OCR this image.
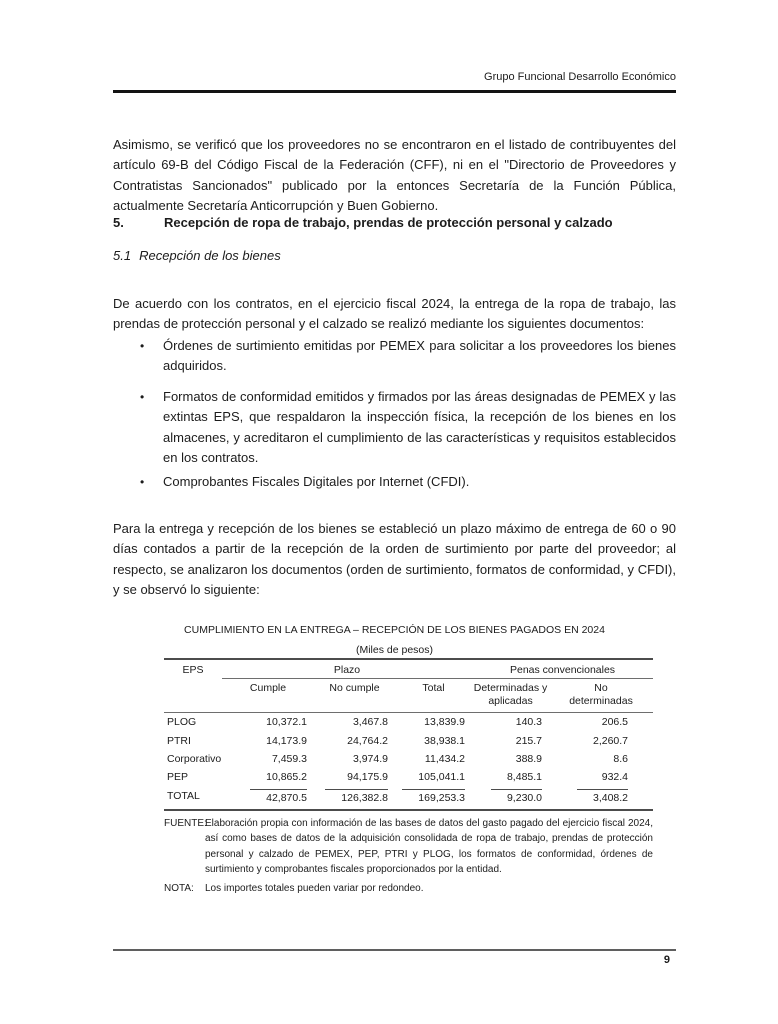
Grupo Funcional Desarrollo Económico

Asimismo, se verificó que los proveedores no se encontraron en el listado de contribuyentes del artículo 69-B del Código Fiscal de la Federación (CFF), ni en el "Directorio de Proveedores y Contratistas Sancionados" publicado por la entonces Secretaría de la Función Pública, actualmente Secretaría Anticorrupción y Buen Gobierno.

5.	Recepción de ropa de trabajo, prendas de protección personal y calzado
5.1 Recepción de los bienes

De acuerdo con los contratos, en el ejercicio fiscal 2024, la entrega de la ropa de trabajo, las prendas de protección personal y el calzado se realizó mediante los siguientes documentos:

•	Órdenes de surtimiento emitidas por PEMEX para solicitar a los proveedores los bienes adquiridos.
•	Formatos de conformidad emitidos y firmados por las áreas designadas de PEMEX y las extintas EPS, que respaldaron la inspección física, la recepción de los bienes en los almacenes, y acreditaron el cumplimiento de las características y requisitos establecidos en los contratos.
•	Comprobantes Fiscales Digitales por Internet (CFDI).

Para la entrega y recepción de los bienes se estableció un plazo máximo de entrega de 60 o 90 días contados a partir de la recepción de la orden de surtimiento por parte del proveedor; al respecto, se analizaron los documentos (orden de surtimiento, formatos de conformidad, y CFDI), y se observó lo siguiente:

CUMPLIMIENTO EN LA ENTREGA – RECEPCIÓN DE LOS BIENES PAGADOS EN 2024
(Miles de pesos)
EPS	Plazo			Penas convencionales	

	Cumple	No cumple	Total	Determinadas y aplicadas	No determinadas

PLOG	10,372.1	3,467.8	13,839.9	140.3	206.5
PTRI	14,173.9	24,764.2	38,938.1	215.7	2,260.7
Corporativo	7,459.3	3,974.9	11,434.2	388.9	8.6
PEP	10,865.2	94,175.9	105,041.1	8,485.1	932.4
TOTAL	42,870.5	126,382.8	169,253.3	9,230.0	3,408.2
FUENTE:
Elaboración propia con información de las bases de datos del gasto pagado del ejercicio fiscal 2024, así como bases de datos de la adquisición consolidada de ropa de trabajo, prendas de protección personal y calzado de PEMEX, PEP, PTRI y PLOG, los formatos de conformidad, órdenes de surtimiento y comprobantes fiscales proporcionados por la entidad.
NOTA:	Los importes totales pueden variar por redondeo.
9
